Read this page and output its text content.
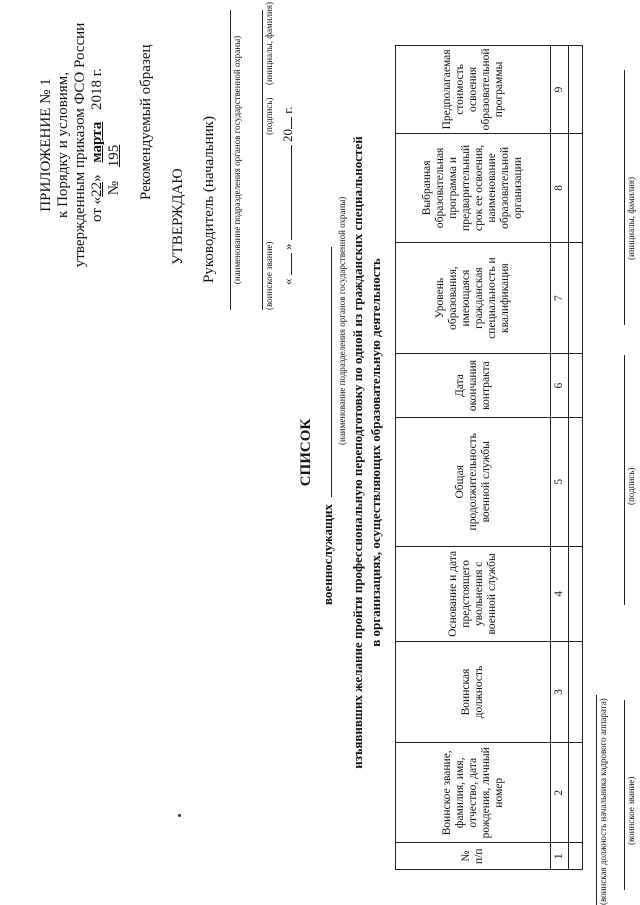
ПРИЛОЖЕНИЕ № 1 к Порядку и условиям, утвержденным приказом ФСО России от «22» марта 2018 г.
№ 195 Рекомендуемый образец
УТВЕРЖДАЮ Руководитель (начальник) (наименование подразделения органов государственной охраны) (воинское звание)
(подпись)
(инициалы, фамилия)
«  »  20 г.
СПИСОК
военнослужащих
(наименование подразделения органов государственной охраны) изъявивших желание пройти профессиональную переподготовку по одной из гражданских специальностей в организациях, осуществляющих образовательную деятельность
№ п/п	Воинское звание, фамилия, имя, отчество, дата рождения, личный номер	Воинская должность	Основание и дата предстоящего увольнения с военной службы	Общая продолжительность военной службы	Дата окончания контракта	Уровень образования, имеющаяся гражданская специальность и квалификация	Выбранная образовательная программа и предварительный срок ее освоения, наименование образовательной организации	Предполагаемая стоимость освоения образовательной программы
1	2	3	4	5	6	7	8	9

(воинская должность начальника кадрового аппарата) (воинское звание)
(подпись)
(инициалы, фамилия)
